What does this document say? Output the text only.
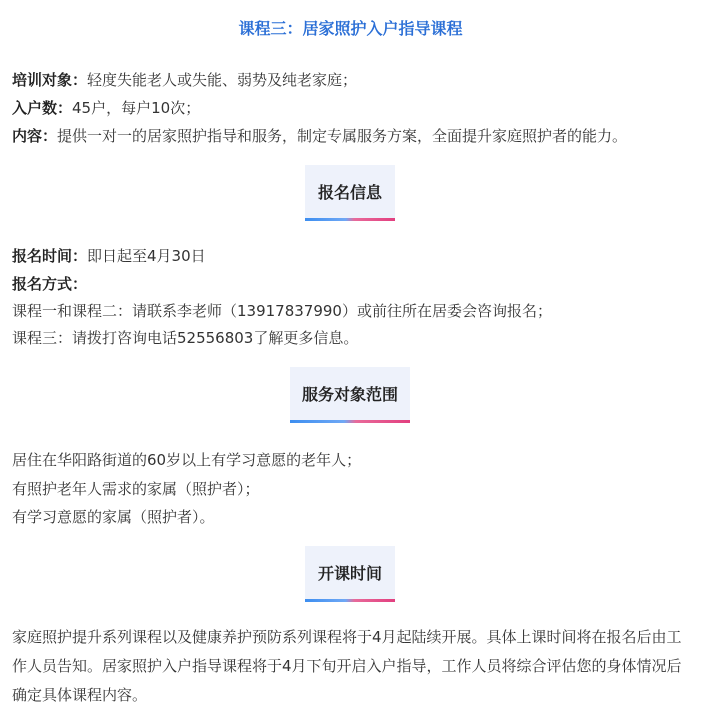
课程三：居家照护入户指导课程
培训对象：轻度失能老人或失能、弱势及纯老家庭；
入户数：45户，每户10次；
内容：提供一对一的居家照护指导和服务，制定专属服务方案，全面提升家庭照护者的能力。
报名信息
报名时间：即日起至4月30日
报名方式：
课程一和课程二：请联系李老师（13917837990）或前往所在居委会咨询报名；
课程三：请拨打咨询电话52556803了解更多信息。
服务对象范围
居住在华阳路街道的60岁以上有学习意愿的老年人；
有照护老年人需求的家属（照护者）；
有学习意愿的家属（照护者）。
开课时间
家庭照护提升系列课程以及健康养护预防系列课程将于4月起陆续开展。具体上课时间将在报名后由工作人员告知。居家照护入户指导课程将于4月下旬开启入户指导，工作人员将综合评估您的身体情况后确定具体课程内容。
